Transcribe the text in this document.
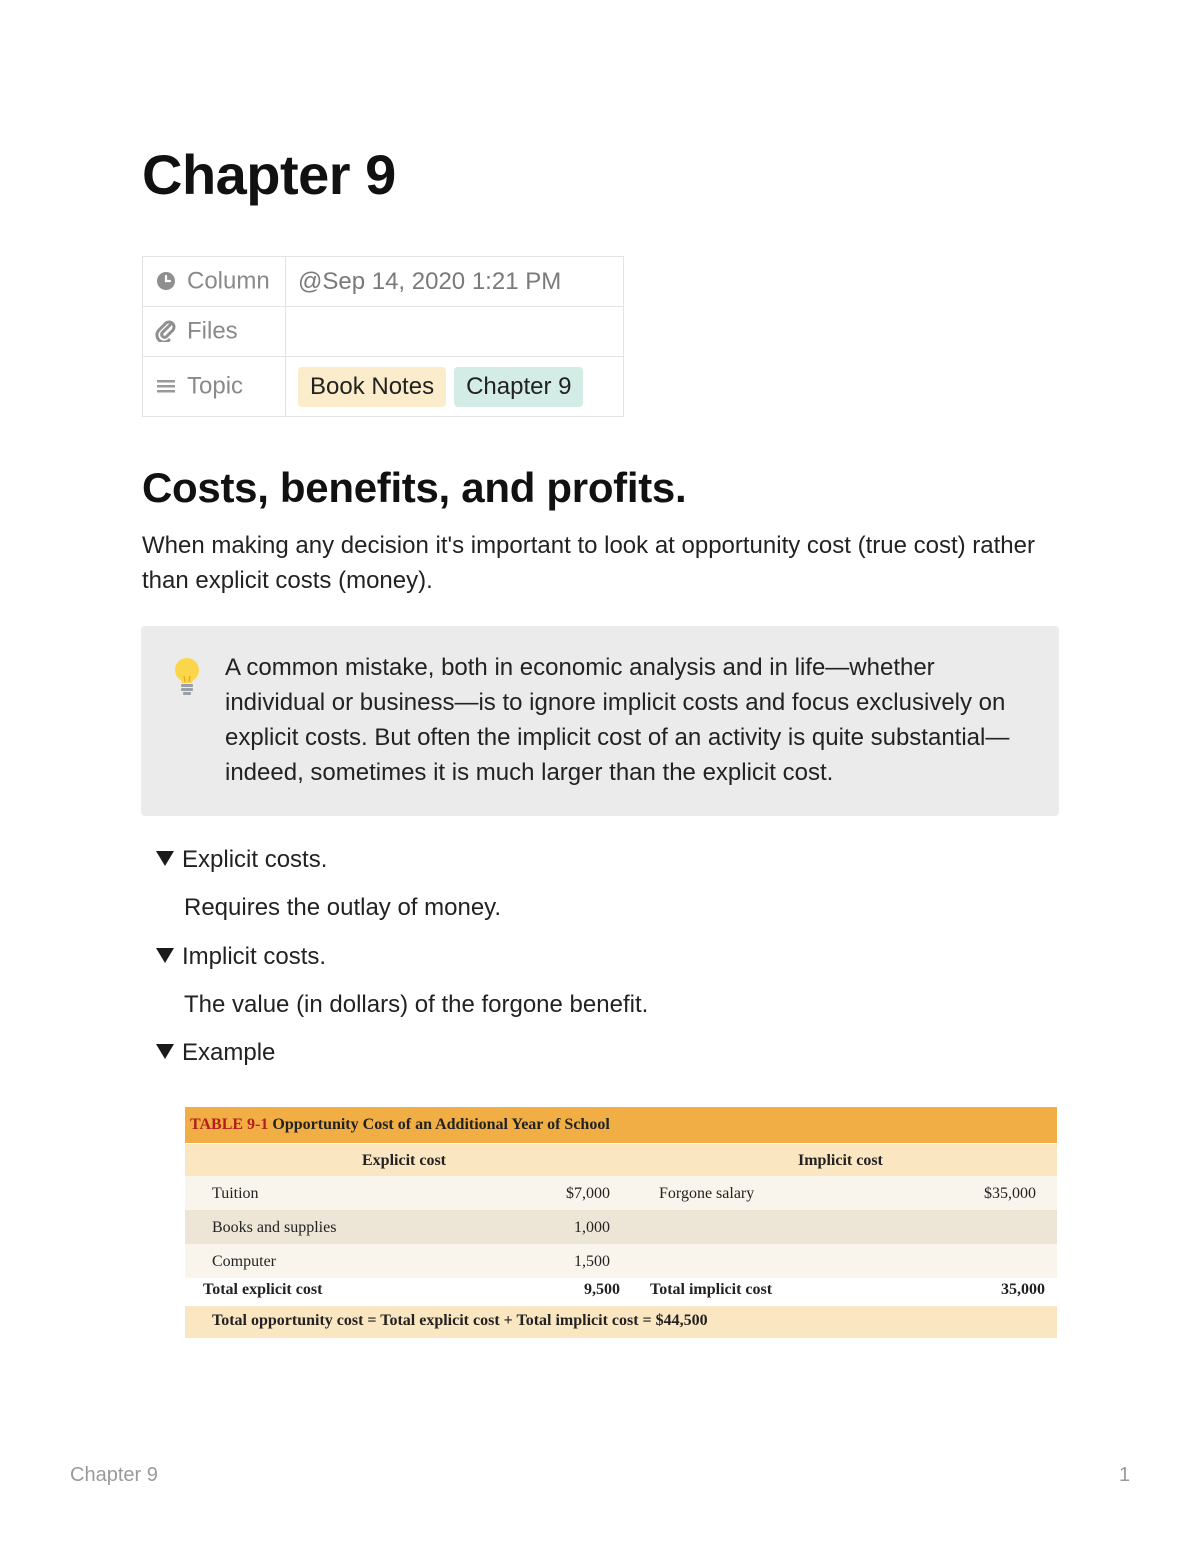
Chapter 9
Column	@Sep 14, 2020 1:21 PM
Files	
Topic	Book Notes Chapter 9
Costs, benefits, and profits.
When making any decision it's important to look at opportunity cost (true cost) rather than explicit costs (money).
A common mistake, both in economic analysis and in life—whether individual or business—is to ignore implicit costs and focus exclusively on explicit costs. But often the implicit cost of an activity is quite substantial—indeed, sometimes it is much larger than the explicit cost.
Explicit costs.
Requires the outlay of money.
Implicit costs.
The value (in dollars) of the forgone benefit.
Example
TABLE 9-1 Opportunity Cost of an Additional Year of School
Explicit cost	Implicit cost
Tuition	$7,000	Forgone salary	$35,000
Books and supplies	1,000
Computer	1,500
Total explicit cost	9,500 Total implicit cost	35,000
Total opportunity cost = Total explicit cost + Total implicit cost = $44,500
Chapter 9	1
